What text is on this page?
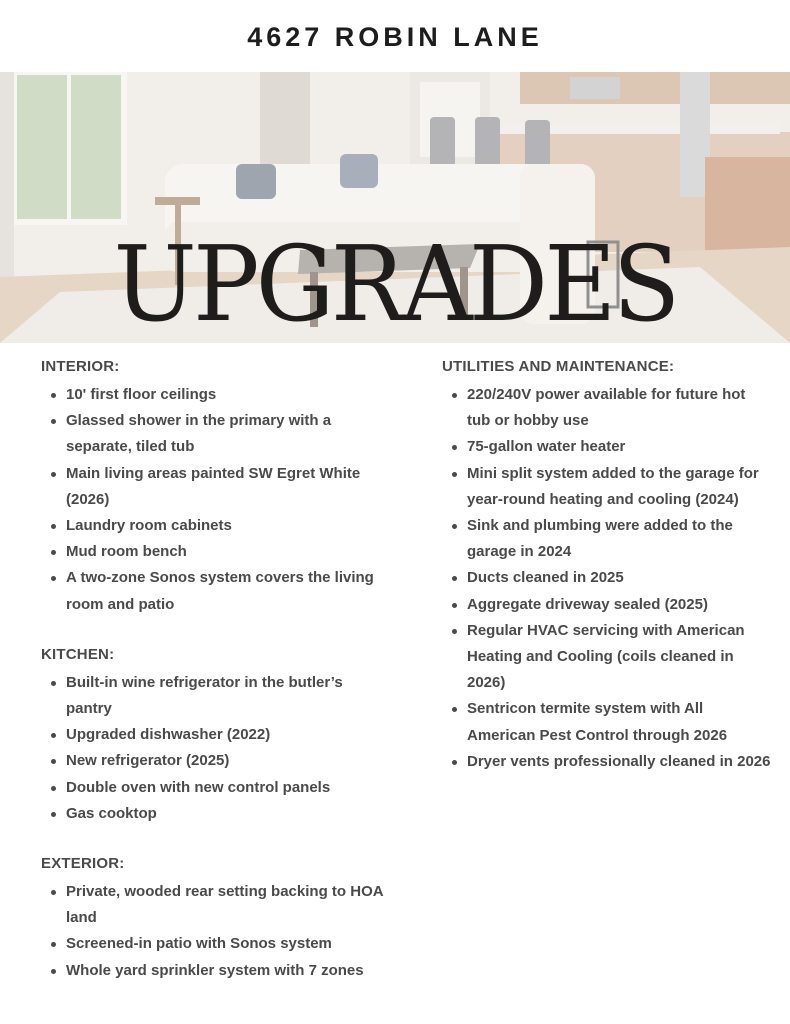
4627 ROBIN LANE
UPGRADES
INTERIOR:
10' first floor ceilings
Glassed shower in the primary with a separate, tiled tub
Main living areas painted SW Egret White (2026)
Laundry room cabinets
Mud room bench
A two-zone Sonos system covers the living room and patio
KITCHEN:
Built-in wine refrigerator in the butler’s pantry
Upgraded dishwasher (2022)
New refrigerator (2025)
Double oven with new control panels
Gas cooktop
EXTERIOR:
Private, wooded rear setting backing to HOA land
Screened-in patio with Sonos system
Whole yard sprinkler system with 7 zones
UTILITIES AND MAINTENANCE:
220/240V power available for future hot tub or hobby use
75-gallon water heater
Mini split system added to the garage for year-round heating and cooling (2024)
Sink and plumbing were added to the garage in 2024
Ducts cleaned in 2025
Aggregate driveway sealed (2025)
Regular HVAC servicing with American Heating and Cooling (coils cleaned in 2026)
Sentricon termite system with All American Pest Control through 2026
Dryer vents professionally cleaned in 2026
